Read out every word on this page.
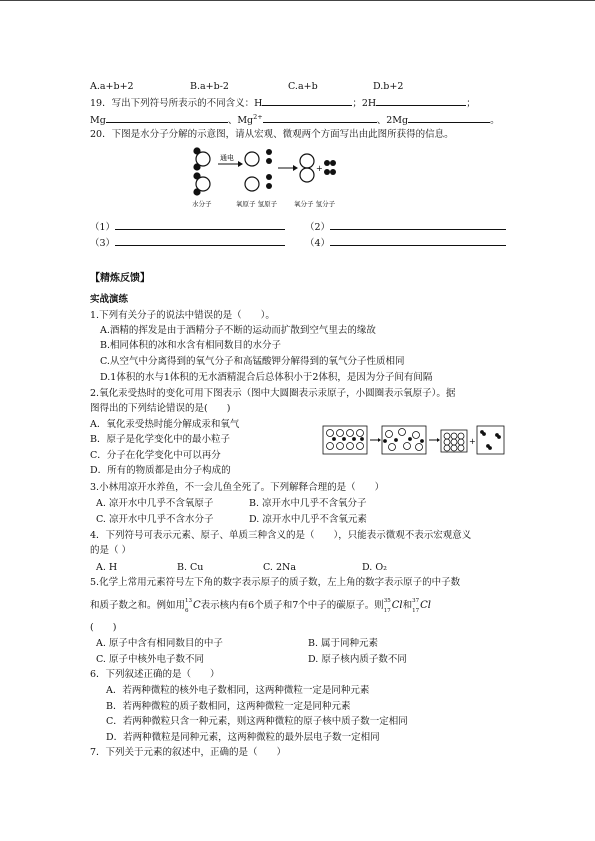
A.a+b+2	B.a+b-2	C.a+b	D.b+2
19．写出下列符号所表示的不同含义：H	；2H	；
Mg	、$Mg^{2+}$	、2Mg	。
20．下图是水分子分解的示意图，请从宏观、微观两个方面写出由此图所获得的信息。
通电
+
水分子	氧原子 氢原子	氧分子 氢分子
（1）	（2）
（3）	（4）
【精炼反馈】
实战演练
1.下列有关分子的说法中错误的是（　　）。
A.酒精的挥发是由于酒精分子不断的运动而扩散到空气里去的缘故
B.相同体积的冰和水含有相同数目的水分子
C.从空气中分离得到的氧气分子和高锰酸钾分解得到的氧气分子性质相同
D.1体积的水与1体积的无水酒精混合后总体积小于2体积，是因为分子间有间隔
2.氧化汞受热时的变化可用下图表示（图中大圆圈表示汞原子，小圆圈表示氧原子）。据
图得出的下列结论错误的是(　　)
A．氧化汞受热时能分解成汞和氧气
B．原子是化学变化中的最小粒子
C．分子在化学变化中可以再分
D．所有的物质都是由分子构成的
+
3.小林用凉开水养鱼，不一会儿鱼全死了。下列解释合理的是（　　）
A. 凉开水中几乎不含氧原子	B. 凉开水中几乎不含氧分子
C. 凉开水中几乎不含水分子	D. 凉开水中几乎不含氧元素
4．下列符号可表示元素、原子、单质三种含义的是（　　），只能表示微观不表示宏观意义
的是（ ）
A. H	B. Cu	C. 2Na	D. O₂
5.化学上常用元素符号左下角的数字表示原子的质子数，左上角的数字表示原子的中子数
和质子数之和。例如用 13
6 C表示核内有6个质子和7个中子的碳原子。则 35
17 Cl和 37
17 Cl
(　　)
A. 原子中含有相同数目的中子	B. 属于同种元素
C. 原子中核外电子数不同	D. 原子核内质子数不同
6．下列叙述正确的是（　　）
A．若两种微粒的核外电子数相同，这两种微粒一定是同种元素
B．若两种微粒的质子数相同，这两种微粒一定是同种元素
C．若两种微粒只含一种元素，则这两种微粒的原子核中质子数一定相同
D．若两种微粒是同种元素，这两种微粒的最外层电子数一定相同
7．下列关于元素的叙述中，正确的是（　　）
